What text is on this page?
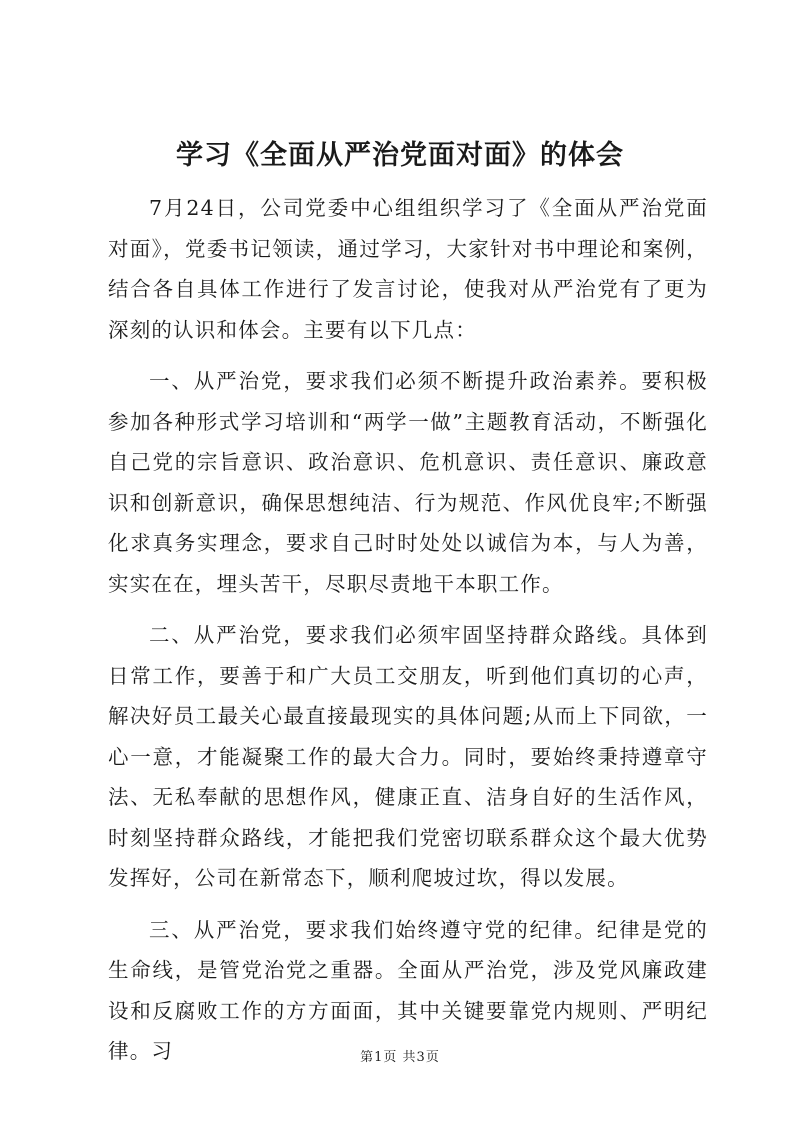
学习《全面从严治党面对面》的体会

7月24日，公司党委中心组组织学习了《全面从严治党面对面》，党委书记领读，通过学习，大家针对书中理论和案例，结合各自具体工作进行了发言讨论，使我对从严治党有了更为深刻的认识和体会。主要有以下几点：

一、从严治党，要求我们必须不断提升政治素养。要积极参加各种形式学习培训和“两学一做”主题教育活动，不断强化自己党的宗旨意识、政治意识、危机意识、责任意识、廉政意识和创新意识，确保思想纯洁、行为规范、作风优良牢;不断强化求真务实理念，要求自己时时处处以诚信为本，与人为善，实实在在，埋头苦干，尽职尽责地干本职工作。

二、从严治党，要求我们必须牢固坚持群众路线。具体到日常工作，要善于和广大员工交朋友，听到他们真切的心声，解决好员工最关心最直接最现实的具体问题;从而上下同欲，一心一意，才能凝聚工作的最大合力。同时，要始终秉持遵章守法、无私奉献的思想作风，健康正直、洁身自好的生活作风，时刻坚持群众路线，才能把我们党密切联系群众这个最大优势发挥好，公司在新常态下，顺利爬坡过坎，得以发展。

三、从严治党，要求我们始终遵守党的纪律。纪律是党的生命线，是管党治党之重器。全面从严治党，涉及党风廉政建设和反腐败工作的方方面面，其中关键要靠党内规则、严明纪律。习	第1页 共3页
